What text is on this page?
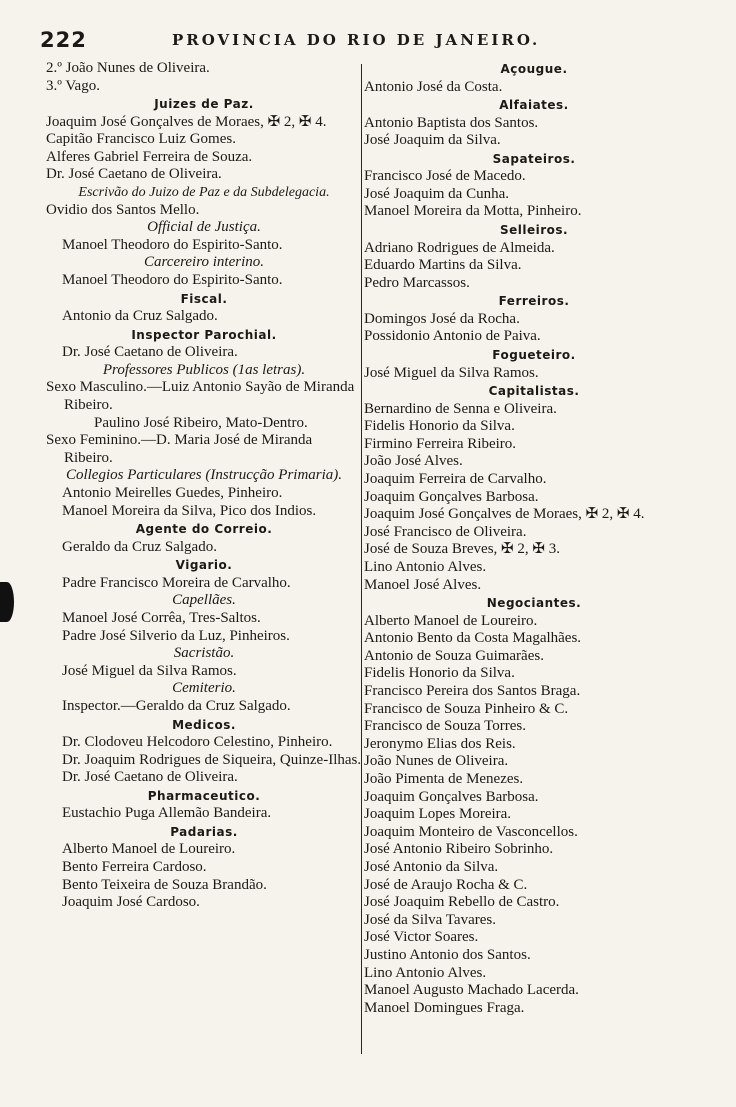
222	PROVINCIA DO RIO DE JANEIRO.
2.º João Nunes de Oliveira.
3.º Vago.
Juizes de Paz.
Joaquim José Gonçalves de Moraes, ✠ 2, ✠ 4.
Capitão Francisco Luiz Gomes.
Alferes Gabriel Ferreira de Souza.
Dr. José Caetano de Oliveira.
Escrivão do Juizo de Paz e da Subdelegacia.
Ovidio dos Santos Mello.
Official de Justiça.
Manoel Theodoro do Espirito-Santo.
Carcereiro interino.
Manoel Theodoro do Espirito-Santo.
Fiscal.
Antonio da Cruz Salgado.
Inspector Parochial.
Dr. José Caetano de Oliveira.
Professores Publicos (1as letras).
Sexo Masculino.—Luiz Antonio Sayão de Miranda Ribeiro.
Paulino José Ribeiro, Mato-Dentro.
Sexo Feminino.—D. Maria José de Miranda Ribeiro.
Collegios Particulares (Instrucção Primaria).
Antonio Meirelles Guedes, Pinheiro.
Manoel Moreira da Silva, Pico dos Indios.
Agente do Correio.
Geraldo da Cruz Salgado.
Vigario.
Padre Francisco Moreira de Carvalho.
Capellães.
Manoel José Corrêa, Tres-Saltos.
Padre José Silverio da Luz, Pinheiros.
Sacristão.
José Miguel da Silva Ramos.
Cemiterio.
Inspector.—Geraldo da Cruz Salgado.
Medicos.
Dr. Clodoveu Helcodoro Celestino, Pinheiro.
Dr. Joaquim Rodrigues de Siqueira, Quinze-Ilhas.
Dr. José Caetano de Oliveira.
Pharmaceutico.
Eustachio Puga Allemão Bandeira.
Padarias.
Alberto Manoel de Loureiro.
Bento Ferreira Cardoso.
Bento Teixeira de Souza Brandão.
Joaquim José Cardoso.
Açougue.
Antonio José da Costa.
Alfaiates.
Antonio Baptista dos Santos.
José Joaquim da Silva.
Sapateiros.
Francisco José de Macedo.
José Joaquim da Cunha.
Manoel Moreira da Motta, Pinheiro.
Selleiros.
Adriano Rodrigues de Almeida.
Eduardo Martins da Silva.
Pedro Marcassos.
Ferreiros.
Domingos José da Rocha.
Possidonio Antonio de Paiva.
Fogueteiro.
José Miguel da Silva Ramos.
Capitalistas.
Bernardino de Senna e Oliveira.
Fidelis Honorio da Silva.
Firmino Ferreira Ribeiro.
João José Alves.
Joaquim Ferreira de Carvalho.
Joaquim Gonçalves Barbosa.
Joaquim José Gonçalves de Moraes, ✠ 2, ✠ 4.
José Francisco de Oliveira.
José de Souza Breves, ✠ 2, ✠ 3.
Lino Antonio Alves.
Manoel José Alves.
Negociantes.
Alberto Manoel de Loureiro.
Antonio Bento da Costa Magalhães.
Antonio de Souza Guimarães.
Fidelis Honorio da Silva.
Francisco Pereira dos Santos Braga.
Francisco de Souza Pinheiro & C.
Francisco de Souza Torres.
Jeronymo Elias dos Reis.
João Nunes de Oliveira.
João Pimenta de Menezes.
Joaquim Gonçalves Barbosa.
Joaquim Lopes Moreira.
Joaquim Monteiro de Vasconcellos.
José Antonio Ribeiro Sobrinho.
José Antonio da Silva.
José de Araujo Rocha & C.
José Joaquim Rebello de Castro.
José da Silva Tavares.
José Victor Soares.
Justino Antonio dos Santos.
Lino Antonio Alves.
Manoel Augusto Machado Lacerda.
Manoel Domingues Fraga.
